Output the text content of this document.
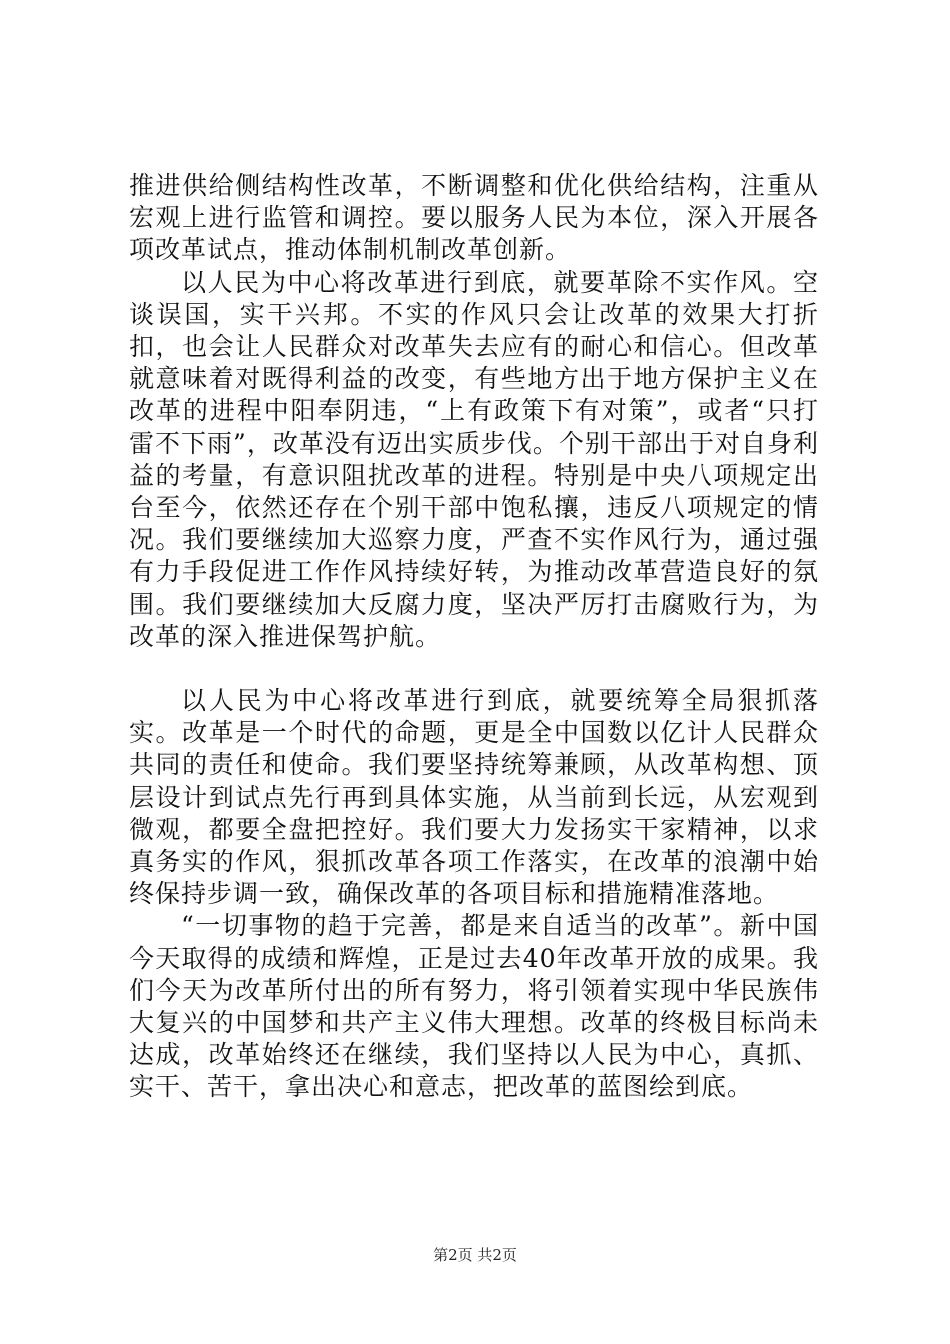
推进供给侧结构性改革，不断调整和优化供给结构，注重从宏观上进行监管和调控。要以服务人民为本位，深入开展各项改革试点，推动体制机制改革创新。

以人民为中心将改革进行到底，就要革除不实作风。空谈误国，实干兴邦。不实的作风只会让改革的效果大打折扣，也会让人民群众对改革失去应有的耐心和信心。但改革就意味着对既得利益的改变，有些地方出于地方保护主义在改革的进程中阳奉阴违，“上有政策下有对策”，或者“只打雷不下雨”，改革没有迈出实质步伐。个别干部出于对自身利益的考量，有意识阻扰改革的进程。特别是中央八项规定出台至今，依然还存在个别干部中饱私攘，违反八项规定的情况。我们要继续加大巡察力度，严查不实作风行为，通过强有力手段促进工作作风持续好转，为推动改革营造良好的氛围。我们要继续加大反腐力度，坚决严厉打击腐败行为，为改革的深入推进保驾护航。

以人民为中心将改革进行到底，就要统筹全局狠抓落实。改革是一个时代的命题，更是全中国数以亿计人民群众共同的责任和使命。我们要坚持统筹兼顾，从改革构想、顶层设计到试点先行再到具体实施，从当前到长远，从宏观到微观，都要全盘把控好。我们要大力发扬实干家精神，以求真务实的作风，狠抓改革各项工作落实，在改革的浪潮中始终保持步调一致，确保改革的各项目标和措施精准落地。

“一切事物的趋于完善，都是来自适当的改革”。新中国今天取得的成绩和辉煌，正是过去40年改革开放的成果。我们今天为改革所付出的所有努力，将引领着实现中华民族伟大复兴的中国梦和共产主义伟大理想。改革的终极目标尚未达成，改革始终还在继续，我们坚持以人民为中心，真抓、实干、苦干，拿出决心和意志，把改革的蓝图绘到底。

第2页 共2页
